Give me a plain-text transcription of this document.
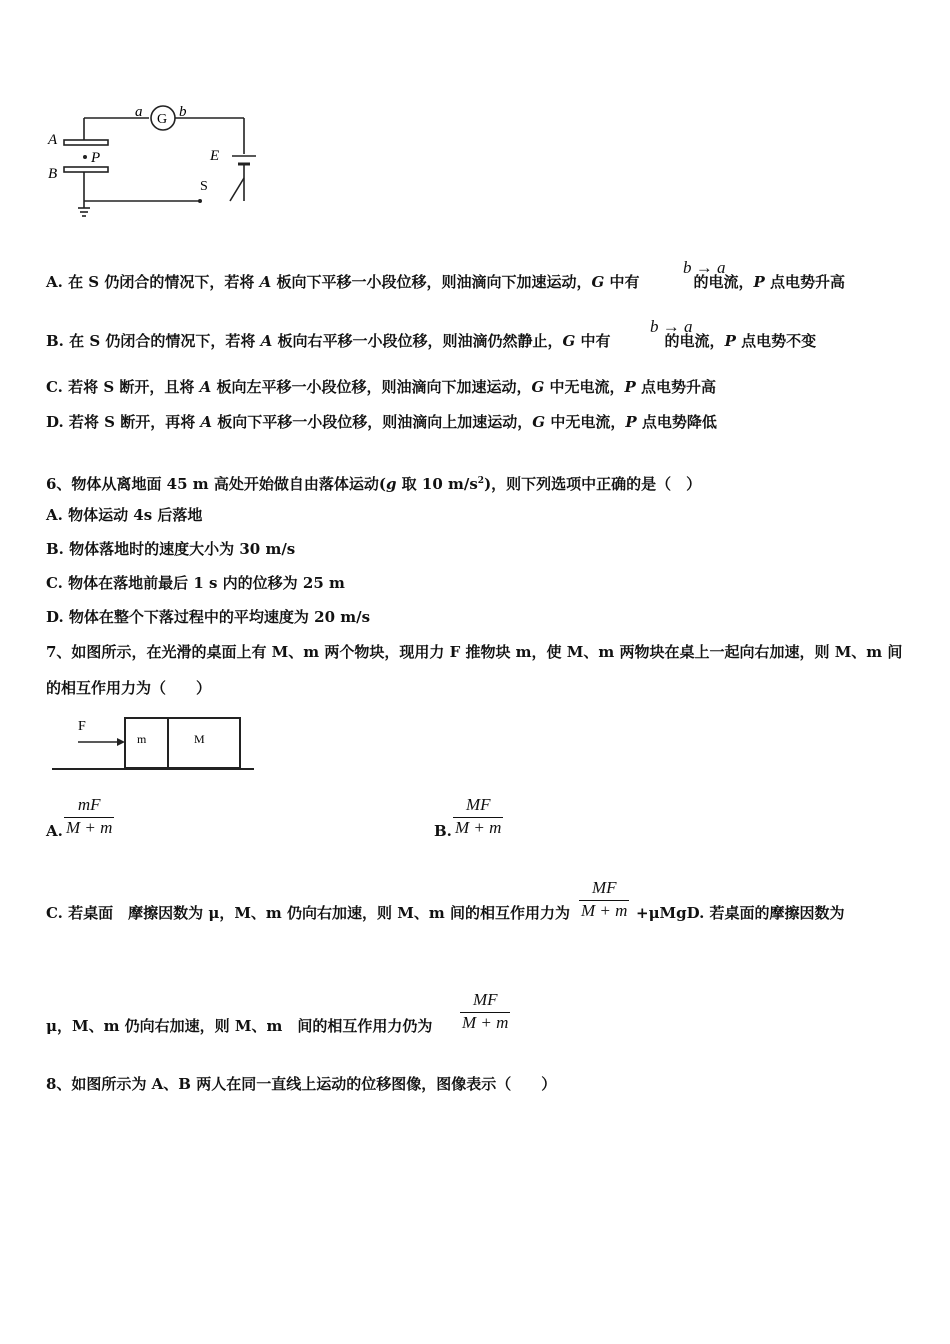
a G b
A
B
P	E
S
A. 在 S 仍闭合的情况下，若将 A 板向下平移一小段位移，则油滴向下加速运动，G 中有	的电流，P 点电势升高
b → a
B. 在 S 仍闭合的情况下，若将 A 板向右平移一小段位移，则油滴仍然静止，G 中有	的电流，P 点电势不变
b → a
C. 若将 S 断开，且将 A 板向左平移一小段位移，则油滴向下加速运动，G 中无电流，P 点电势升高
D. 若将 S 断开，再将 A 板向下平移一小段位移，则油滴向上加速运动，G 中无电流，P 点电势降低
6、物体从离地面 45 m 高处开始做自由落体运动(g 取 10 $m/s^2$)，则下列选项中正确的是（　）
A. 物体运动 4s 后落地
B. 物体落地时的速度大小为 30 m/s
C. 物体在落地前最后 1 s 内的位移为 25 m
D. 物体在整个下落过程中的平均速度为 20 m/s
7、如图所示，在光滑的桌面上有 M、m 两个物块，现用力 F 推物块 m，使 M、m 两物块在桌上一起向右加速，则 M、m 间
的相互作用力为（　　）
F
m	M
A.
mF
M + m	B.
MF
M + m
C. 若桌面　摩擦因数为 μ，M、m 仍向右加速，则 M、m 间的相互作用力为
MF
M + m +μMgD. 若桌面的摩擦因数为
μ，M、m 仍向右加速，则 M、m　间的相互作用力仍为
MF
M + m
8、如图所示为 A、B 两人在同一直线上运动的位移图像，图像表示（　　）
